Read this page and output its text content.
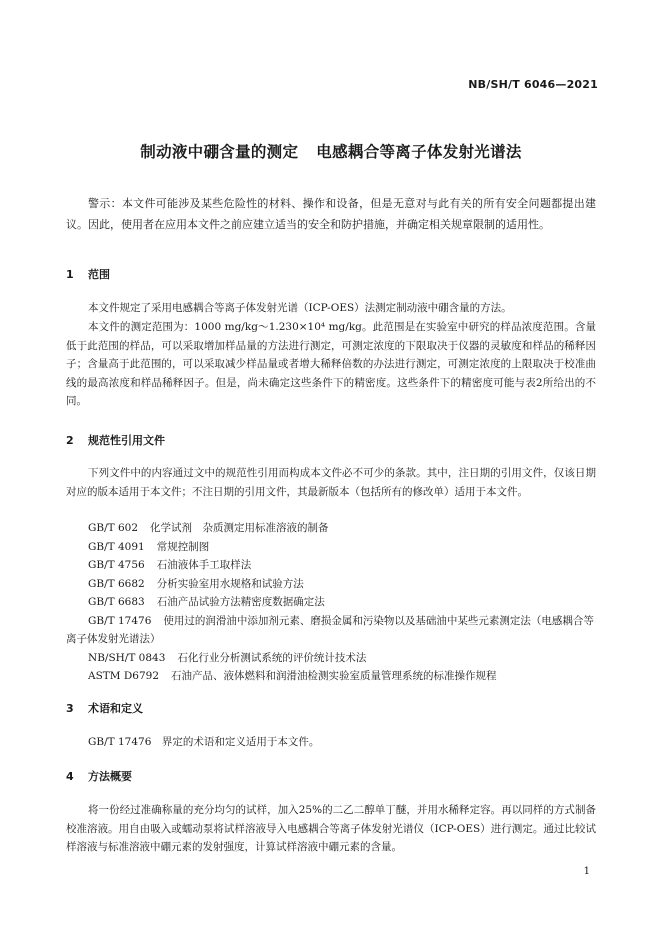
NB/SH/T 6046—2021
制动液中硼含量的测定 电感耦合等离子体发射光谱法
警示：本文件可能涉及某些危险性的材料、操作和设备，但是无意对与此有关的所有安全问题都提出建议。因此，使用者在应用本文件之前应建立适当的安全和防护措施，并确定相关规章限制的适用性。
1 范围
本文件规定了采用电感耦合等离子体发射光谱（ICP-OES）法测定制动液中硼含量的方法。
本文件的测定范围为：1000 mg/kg～1.230×10⁴ mg/kg。此范围是在实验室中研究的样品浓度范围。含量低于此范围的样品，可以采取增加样品量的方法进行测定，可测定浓度的下限取决于仪器的灵敏度和样品的稀释因子；含量高于此范围的，可以采取减少样品量或者增大稀释倍数的办法进行测定，可测定浓度的上限取决于校准曲线的最高浓度和样品稀释因子。但是，尚未确定这些条件下的精密度。这些条件下的精密度可能与表2所给出的不同。
2 规范性引用文件
下列文件中的内容通过文中的规范性引用而构成本文件必不可少的条款。其中，注日期的引用文件，仅该日期对应的版本适用于本文件；不注日期的引用文件，其最新版本（包括所有的修改单）适用于本文件。
GB/T 602 化学试剂　杂质测定用标准溶液的制备
GB/T 4091 常规控制图
GB/T 4756 石油液体手工取样法
GB/T 6682 分析实验室用水规格和试验方法
GB/T 6683 石油产品试验方法精密度数据确定法
GB/T 17476 使用过的润滑油中添加剂元素、磨损金属和污染物以及基础油中某些元素测定法（电感耦合等离子体发射光谱法）
NB/SH/T 0843 石化行业分析测试系统的评价统计技术法
ASTM D6792 石油产品、液体燃料和润滑油检测实验室质量管理系统的标准操作规程
3 术语和定义
GB/T 17476　界定的术语和定义适用于本文件。
4 方法概要
将一份经过准确称量的充分均匀的试样，加入25%的二乙二醇单丁醚，并用水稀释定容。再以同样的方式制备校准溶液。用自由吸入或蠕动泵将试样溶液导入电感耦合等离子体发射光谱仪（ICP-OES）进行测定。通过比较试样溶液与标准溶液中硼元素的发射强度，计算试样溶液中硼元素的含量。
1
